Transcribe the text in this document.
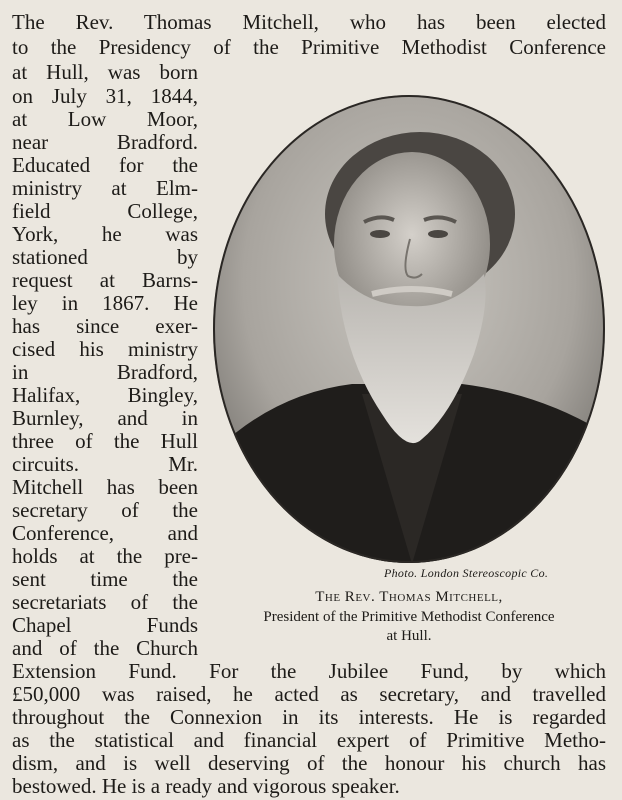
The Rev. Thomas Mitchell, who has been elected
to the Presidency of the Primitive Methodist Conference
at Hull, was born
on July 31, 1844,
at Low Moor,
near Bradford.
Educated for the
ministry at Elm-
field College,
York, he was
stationed by
request at Barns-
ley in 1867. He
has since exer-
cised his ministry
in Bradford,
Halifax, Bingley,
Burnley, and in
three of the Hull
circuits. Mr.
Mitchell has been
secretary of the
Conference, and
holds at the pre-
sent time the
secretariats of the
Chapel Funds
and of the Church
Extension Fund. For the Jubilee Fund, by which
£50,000 was raised, he acted as secretary, and travelled
throughout the Connexion in its interests. He is regarded
as the statistical and financial expert of Primitive Metho-
dism, and is well deserving of the honour his church has
bestowed. He is a ready and vigorous speaker.
Photo. London Stereoscopic Co.
The Rev. Thomas Mitchell,
President of the Primitive Methodist Conference
at Hull.
